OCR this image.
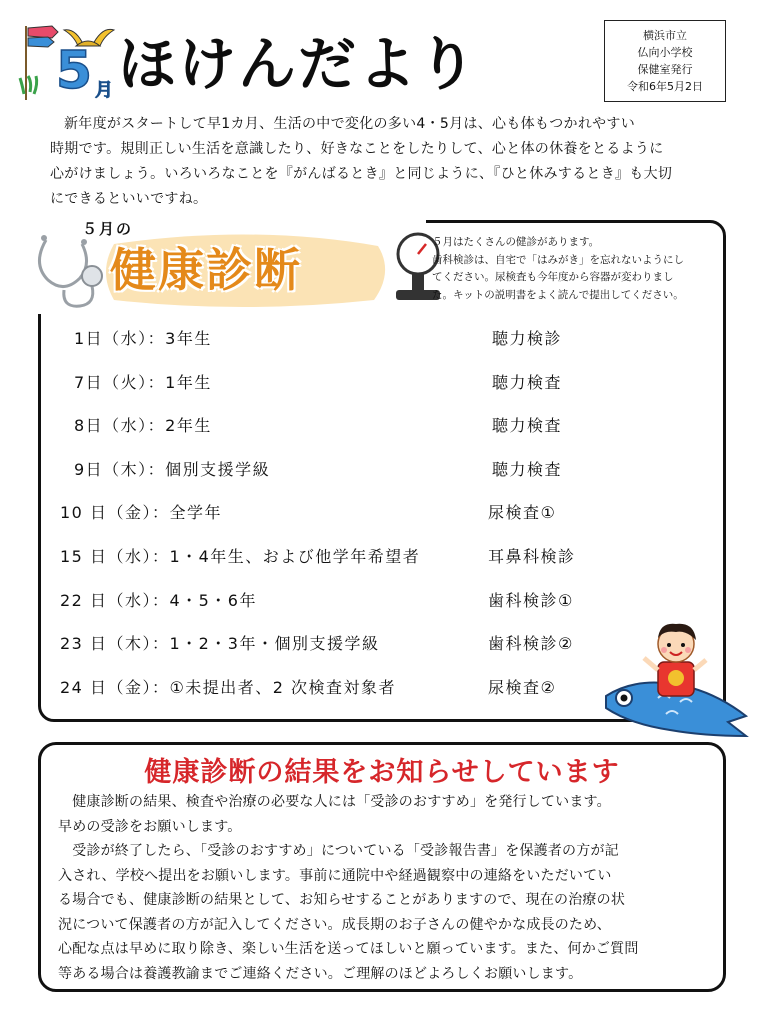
5 月 ほけんだより	横浜市立
仏向小学校
保健室発行
令和6年5月2日
新年度がスタートして早1カ月、生活の中で変化の多い4・5月は、心も体もつかれやすい
時期です。規則正しい生活を意識したり、好きなことをしたりして、心と体の休養をとるように
心がけましょう。いろいろなことを『がんばるとき』と同じように、『ひと休みするとき』も大切
にできるといいですね。
５月の
健康診断
５月はたくさんの健診があります。
歯科検診は、自宅で「はみがき」を忘れないようにし
てください。尿検査も今年度から容器が変わりまし
た。キットの説明書をよく読んで提出してください。
1日（水）：3年生	聴力検診
7日（火）：1年生	聴力検査
8日（水）：2年生	聴力検査
9日（木）：個別支援学級	聴力検査
10 日（金）：全学年	尿検査①
15 日（水）：1・4年生、および他学年希望者	耳鼻科検診
22 日（水）：4・5・6年	歯科検診①
23 日（木）：1・2・3年・個別支援学級	歯科検診②
24 日（金）：①未提出者、2 次検査対象者	尿検査②
健康診断の結果をお知らせしています
　健康診断の結果、検査や治療の必要な人には「受診のおすすめ」を発行しています。
早めの受診をお願いします。
　受診が終了したら、「受診のおすすめ」についている「受診報告書」を保護者の方が記
入され、学校へ提出をお願いします。事前に通院中や経過観察中の連絡をいただいてい
る場合でも、健康診断の結果として、お知らせすることがありますので、現在の治療の状
況について保護者の方が記入してください。成長期のお子さんの健やかな成長のため、
心配な点は早めに取り除き、楽しい生活を送ってほしいと願っています。また、何かご質問
等ある場合は養護教諭までご連絡ください。ご理解のほどよろしくお願いします。
